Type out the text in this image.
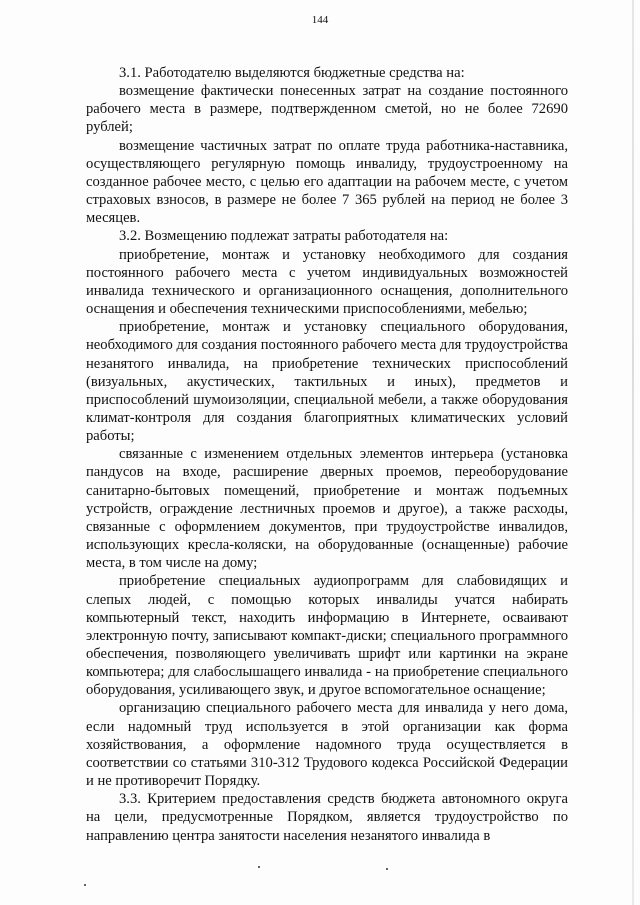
144

3.1. Работодателю выделяются бюджетные средства на:

возмещение фактически понесенных затрат на создание постоянного рабочего места в размере, подтвержденном сметой, но не более 72690 рублей;

возмещение частичных затрат по оплате труда работника-наставника, осуществляющего регулярную помощь инвалиду, трудоустроенному на созданное рабочее место, с целью его адаптации на рабочем месте, с учетом страховых взносов, в размере не более 7 365 рублей на период не более 3 месяцев.

3.2. Возмещению подлежат затраты работодателя на:

приобретение, монтаж и установку необходимого для создания постоянного рабочего места с учетом индивидуальных возможностей инвалида технического и организационного оснащения, дополнительного оснащения и обеспечения техническими приспособлениями, мебелью;

приобретение, монтаж и установку специального оборудования, необходимого для создания постоянного рабочего места для трудоустройства незанятого инвалида, на приобретение технических приспособлений (визуальных, акустических, тактильных и иных), предметов и приспособлений шумоизоляции, специальной мебели, а также оборудования климат-контроля для создания благоприятных климатических условий работы;

связанные с изменением отдельных элементов интерьера (установка пандусов на входе, расширение дверных проемов, переоборудование санитарно-бытовых помещений, приобретение и монтаж подъемных устройств, ограждение лестничных проемов и другое), а также расходы, связанные с оформлением документов, при трудоустройстве инвалидов, использующих кресла-коляски, на оборудованные (оснащенные) рабочие места, в том числе на дому;

приобретение специальных аудиопрограмм для слабовидящих и слепых людей, с помощью которых инвалиды учатся набирать компьютерный текст, находить информацию в Интернете, осваивают электронную почту, записывают компакт-диски; специального программного обеспечения, позволяющего увеличивать шрифт или картинки на экране компьютера; для слабослышащего инвалида - на приобретение специального оборудования, усиливающего звук, и другое вспомогательное оснащение;

организацию специального рабочего места для инвалида у него дома, если надомный труд используется в этой организации как форма хозяйствования, а оформление надомного труда осуществляется в соответствии со статьями 310-312 Трудового кодекса Российской Федерации и не противоречит Порядку.

3.3. Критерием предоставления средств бюджета автономного округа на цели, предусмотренные Порядком, является трудоустройство по направлению центра занятости населения незанятого инвалида в
